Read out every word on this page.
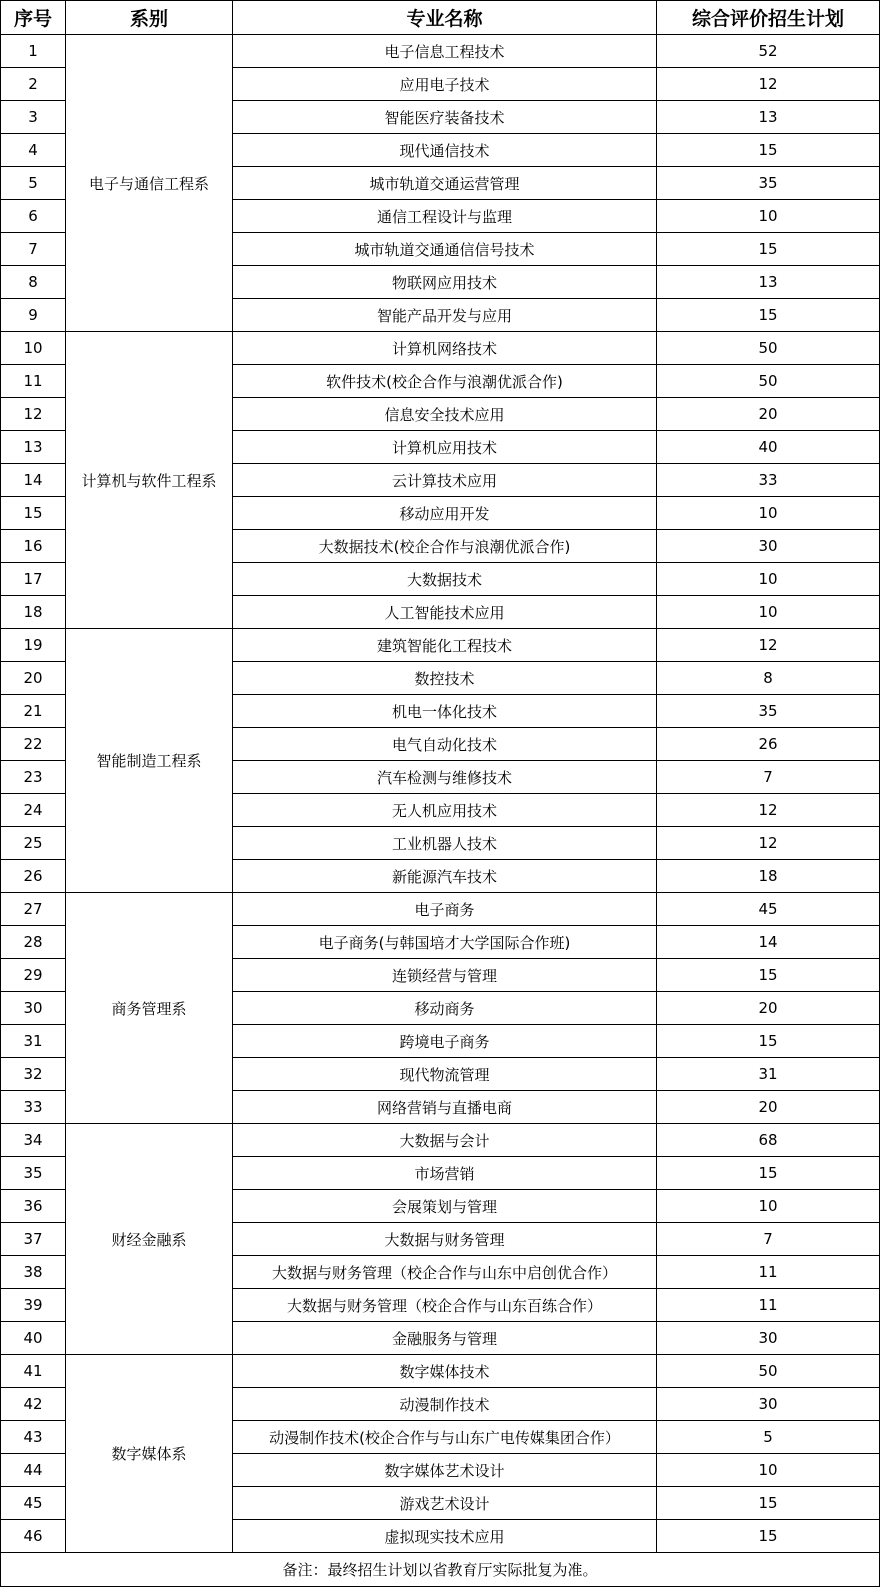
序号	系别	专业名称	综合评价招生计划
1	电子与通信工程系	电子信息工程技术	52
2		应用电子技术	12
3		智能医疗装备技术	13
4		现代通信技术	15
5		城市轨道交通运营管理	35
6		通信工程设计与监理	10
7		城市轨道交通通信信号技术	15
8		物联网应用技术	13
9		智能产品开发与应用	15
10	计算机与软件工程系	计算机网络技术	50
11		软件技术(校企合作与浪潮优派合作)	50
12		信息安全技术应用	20
13		计算机应用技术	40
14		云计算技术应用	33
15		移动应用开发	10
16		大数据技术(校企合作与浪潮优派合作)	30
17		大数据技术	10
18		人工智能技术应用	10
19	智能制造工程系	建筑智能化工程技术	12
20		数控技术	8
21		机电一体化技术	35
22		电气自动化技术	26
23		汽车检测与维修技术	7
24		无人机应用技术	12
25		工业机器人技术	12
26		新能源汽车技术	18
27	商务管理系	电子商务	45
28		电子商务(与韩国培才大学国际合作班)	14
29		连锁经营与管理	15
30		移动商务	20
31		跨境电子商务	15
32		现代物流管理	31
33		网络营销与直播电商	20
34	财经金融系	大数据与会计	68
35		市场营销	15
36		会展策划与管理	10
37		大数据与财务管理	7
38		大数据与财务管理（校企合作与山东中启创优合作）	11
39		大数据与财务管理（校企合作与山东百练合作）	11
40		金融服务与管理	30
41	数字媒体系	数字媒体技术	50
42		动漫制作技术	30
43		动漫制作技术(校企合作与与山东广电传媒集团合作）	5
44		数字媒体艺术设计	10
45		游戏艺术设计	15
46		虚拟现实技术应用	15
备注：最终招生计划以省教育厅实际批复为准。			
